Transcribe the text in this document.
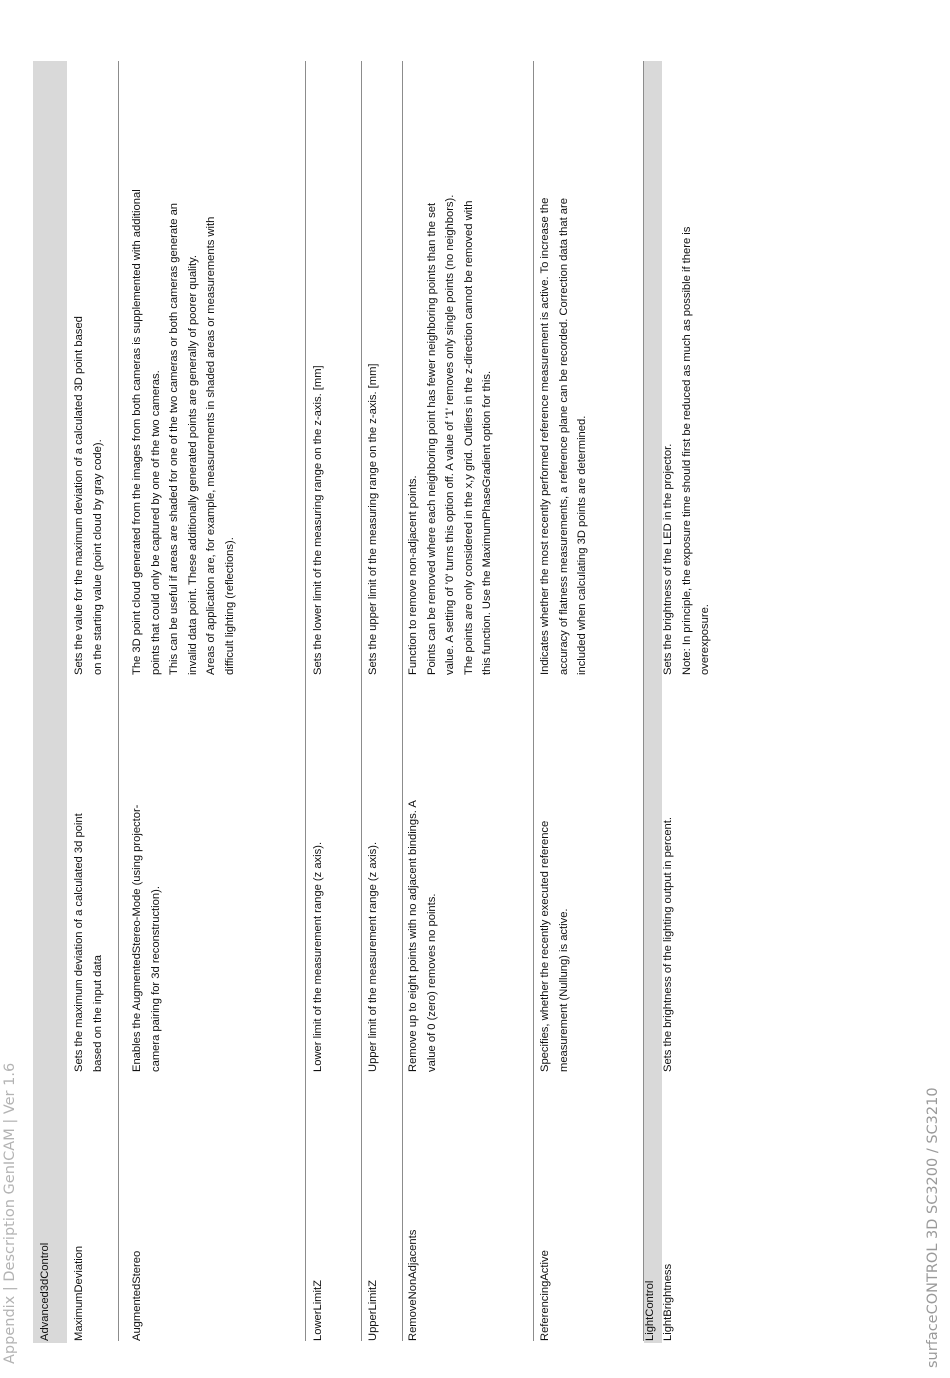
Appendix | Description GenICAM | Ver 1.6 Advanced3dControl MaximumDeviation
Sets the maximum deviation of a calculated 3d point based on the input data
Sets the value for the maximum deviation of a calculated 3D point based on the starting value (point cloud by gray code).
AugmentedStereo
Enables the AugmentedStereo-Mode (using projector- camera pairing for 3d reconstruction).
The 3D point cloud generated from the images from both cameras is supplemented with additional points that could only be captured by one of the two cameras. This can be useful if areas are shaded for one of the two cameras or both cameras generate an invalid data point. These additionally generated points are generally of poorer quality. Areas of application are, for example, measurements in shaded areas or measurements with difficult lighting (reflections).
LowerLimitZ
Lower limit of the measurement range (z axis).
Sets the lower limit of the measuring range on the z-axis. [mm]
UpperLimitZ
Upper limit of the measurement range (z axis).
Sets the upper limit of the measuring range on the z-axis. [mm]
RemoveNonAdjacents
Remove up to eight points with no adjacent bindings. A value of 0 (zero) removes no points.
Function to remove non-adjacent points. Points can be removed where each neighboring point has fewer neighboring points than the set value. A setting of '0' turns this option off. A value of '1' removes only single points (no neighbors). The points are only considered in the x,y grid. Outliers in the z-direction cannot be removed with this function. Use the MaximumPhaseGradient option for this.
ReferencingActive
Specifies, whether the recently executed reference measurement (Nullung) is active.
Indicates whether the most recently performed reference measurement is active. To increase the accuracy of flatness measurements, a reference plane can be recorded. Correction data that are included when calculating 3D points are determined.
LightControl LightBrightness
Sets the brightness of the lighting output in percent.
Sets the brightness of the LED in the projector. Note: In principle, the exposure time should first be reduced as much as possible if there is overexposure.
surfaceCONTROL 3D SC3200 / SC3210
